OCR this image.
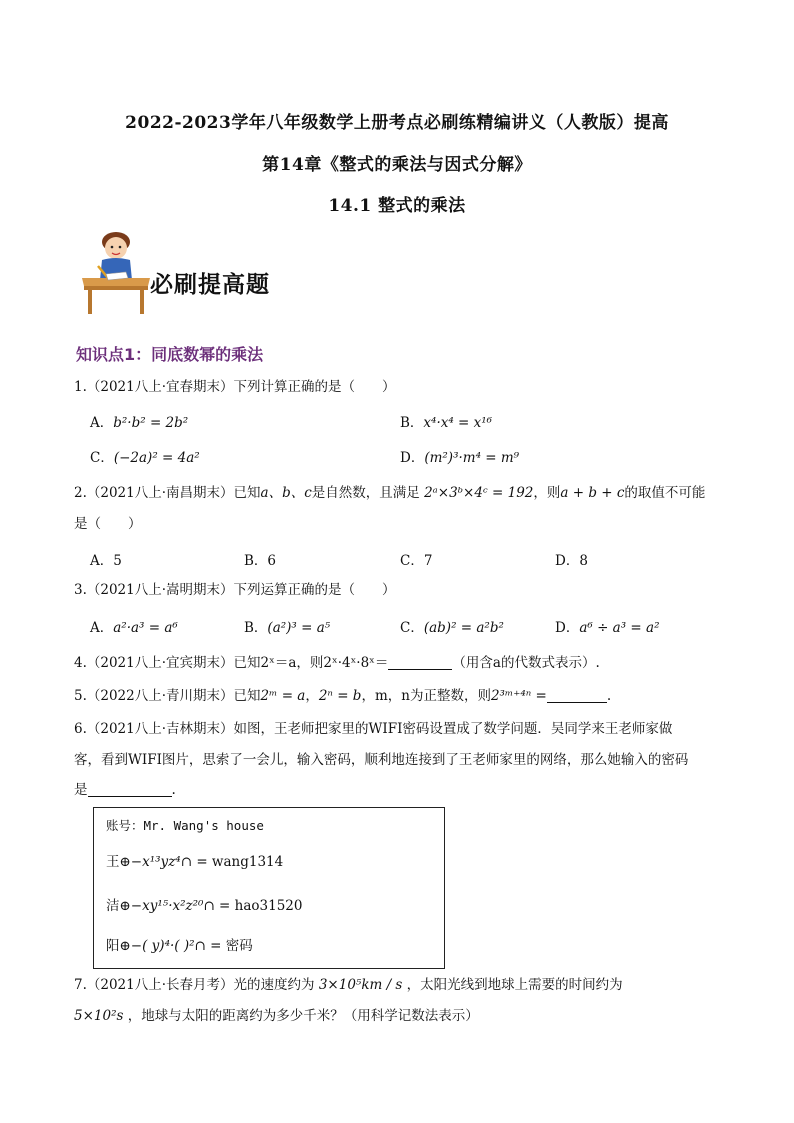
2022-2023学年八年级数学上册考点必刷练精编讲义（人教版）提高
第14章《整式的乘法与因式分解》
14.1 整式的乘法
必刷提高题
知识点1：同底数幂的乘法
1.（2021八上·宜春期末）下列计算正确的是（　　）
A．b²·b² = 2b²	B．x⁴·x⁴ = x¹⁶
C．(−2a)² = 4a²	D．(m²)³·m⁴ = m⁹
2.（2021八上·南昌期末）已知a、b、c是自然数，且满足 2ᵃ×3ᵇ×4ᶜ = 192，则a + b + c的取值不可能
是（　　）
A．5	B．6	C．7	D．8
3.（2021八上·嵩明期末）下列运算正确的是（　　）
A．a²·a³ = a⁶	B．(a²)³ = a⁵	C．(ab)² = a²b²	D．a⁶ ÷ a³ = a²
4.（2021八上·宜宾期末）已知2ˣ＝a，则2ˣ·4ˣ·8ˣ＝	（用含a的代数式表示）.
5.（2022八上·青川期末）已知2ᵐ = a，2ⁿ = b，m，n为正整数，则2³ᵐ⁺⁴ⁿ =	.
6.（2021八上·吉林期末）如图，王老师把家里的WIFI密码设置成了数学问题．吴同学来王老师家做
客，看到WIFI图片，思索了一会儿，输入密码，顺利地连接到了王老师家里的网络，那么她输入的密码
是	.
账号：Mr. Wang's house
王⊕−x¹³yz⁴∩ = wang1314
洁⊕−xy¹⁵·x²z²⁰∩ = hao31520
阳⊕−( y)⁴·( )²∩ = 密码
7.（2021八上·长春月考）光的速度约为 3×10⁵km / s ，太阳光线到地球上需要的时间约为
5×10²s ，地球与太阳的距离约为多少千米？（用科学记数法表示）
